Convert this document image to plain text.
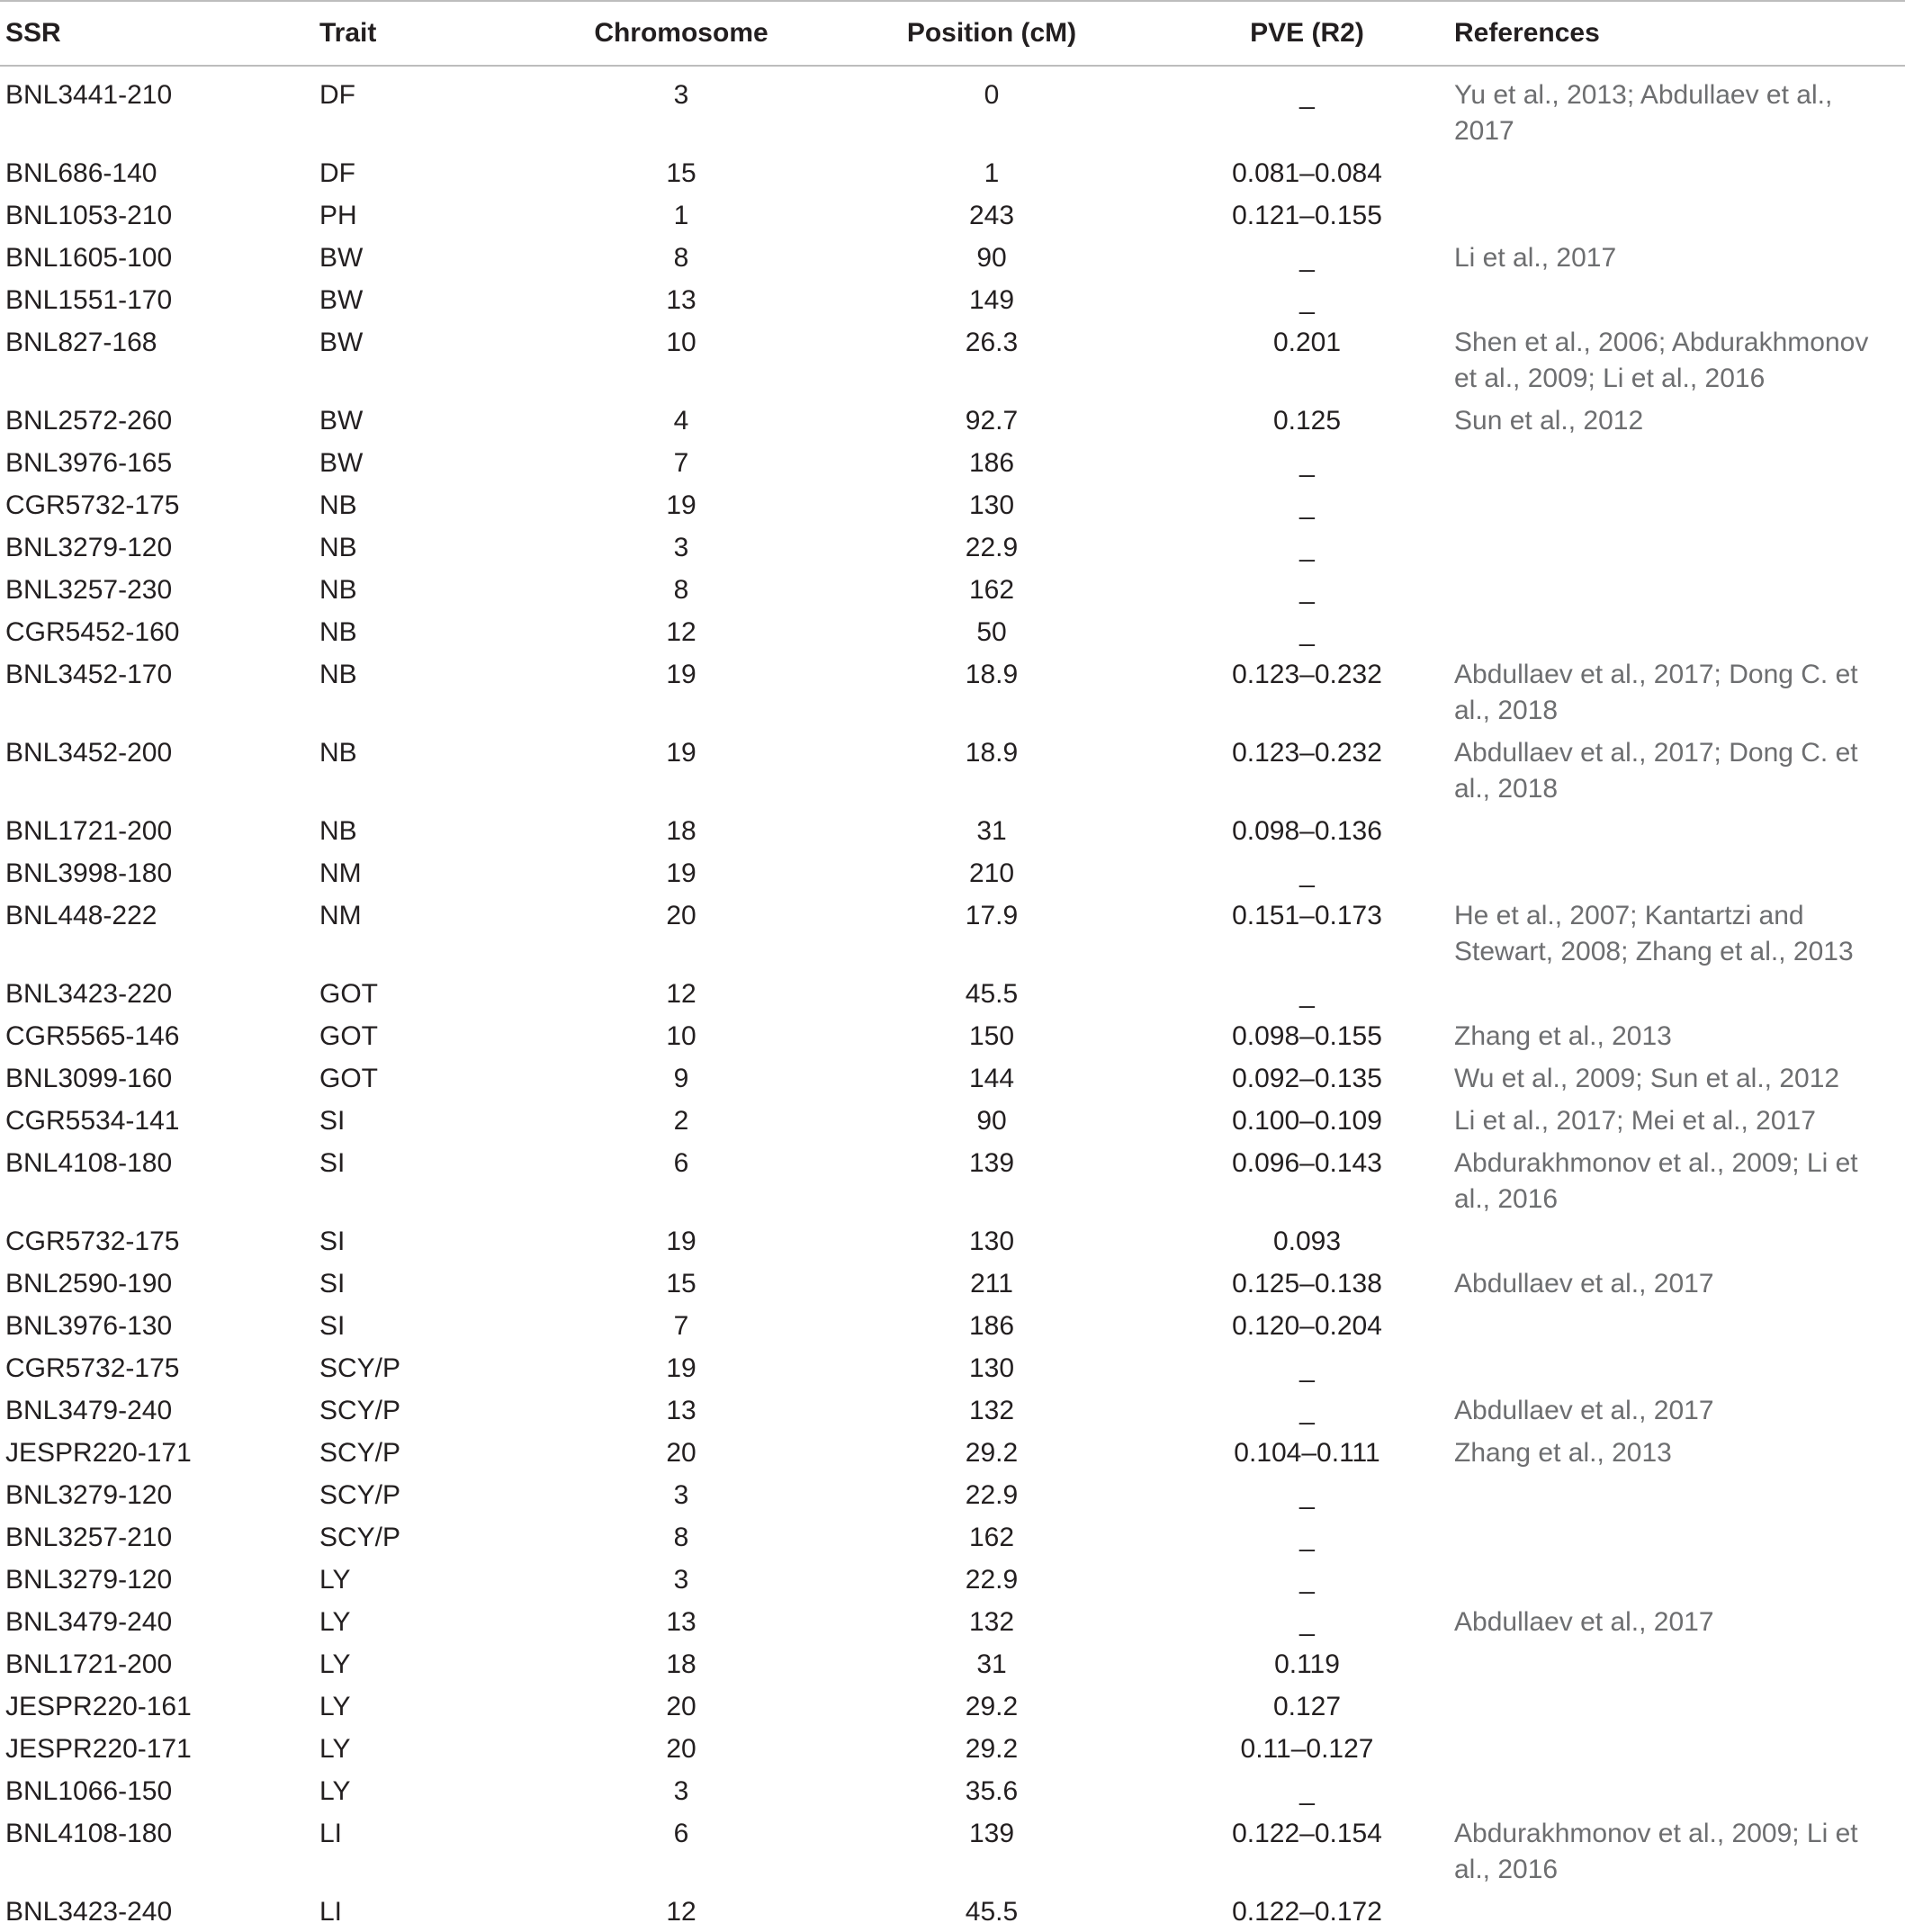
SSR	Trait	Chromosome	Position (cM)	PVE (R2)	References
BNL3441-210	DF	3	0	_	Yu et al., 2013; Abdullaev et al., 2017
BNL686-140	DF	15	1	0.081–0.084	
BNL1053-210	PH	1	243	0.121–0.155	
BNL1605-100	BW	8	90	_	Li et al., 2017
BNL1551-170	BW	13	149	_	
BNL827-168	BW	10	26.3	0.201	Shen et al., 2006; Abdurakhmonov et al., 2009; Li et al., 2016
BNL2572-260	BW	4	92.7	0.125	Sun et al., 2012
BNL3976-165	BW	7	186	_	
CGR5732-175	NB	19	130	_	
BNL3279-120	NB	3	22.9	_	
BNL3257-230	NB	8	162	_	
CGR5452-160	NB	12	50	_	
BNL3452-170	NB	19	18.9	0.123–0.232	Abdullaev et al., 2017; Dong C. et al., 2018
BNL3452-200	NB	19	18.9	0.123–0.232	Abdullaev et al., 2017; Dong C. et al., 2018
BNL1721-200	NB	18	31	0.098–0.136	
BNL3998-180	NM	19	210	_	
BNL448-222	NM	20	17.9	0.151–0.173	He et al., 2007; Kantartzi and Stewart, 2008; Zhang et al., 2013
BNL3423-220	GOT	12	45.5	_	
CGR5565-146	GOT	10	150	0.098–0.155	Zhang et al., 2013
BNL3099-160	GOT	9	144	0.092–0.135	Wu et al., 2009; Sun et al., 2012
CGR5534-141	SI	2	90	0.100–0.109	Li et al., 2017; Mei et al., 2017
BNL4108-180	SI	6	139	0.096–0.143	Abdurakhmonov et al., 2009; Li et al., 2016
CGR5732-175	SI	19	130	0.093	
BNL2590-190	SI	15	211	0.125–0.138	Abdullaev et al., 2017
BNL3976-130	SI	7	186	0.120–0.204	
CGR5732-175	SCY/P	19	130	_	
BNL3479-240	SCY/P	13	132	_	Abdullaev et al., 2017
JESPR220-171	SCY/P	20	29.2	0.104–0.111	Zhang et al., 2013
BNL3279-120	SCY/P	3	22.9	_	
BNL3257-210	SCY/P	8	162	_	
BNL3279-120	LY	3	22.9	_	
BNL3479-240	LY	13	132	_	Abdullaev et al., 2017
BNL1721-200	LY	18	31	0.119	
JESPR220-161	LY	20	29.2	0.127	
JESPR220-171	LY	20	29.2	0.11–0.127	
BNL1066-150	LY	3	35.6	_	
BNL4108-180	LI	6	139	0.122–0.154	Abdurakhmonov et al., 2009; Li et al., 2016
BNL3423-240	LI	12	45.5	0.122–0.172	
